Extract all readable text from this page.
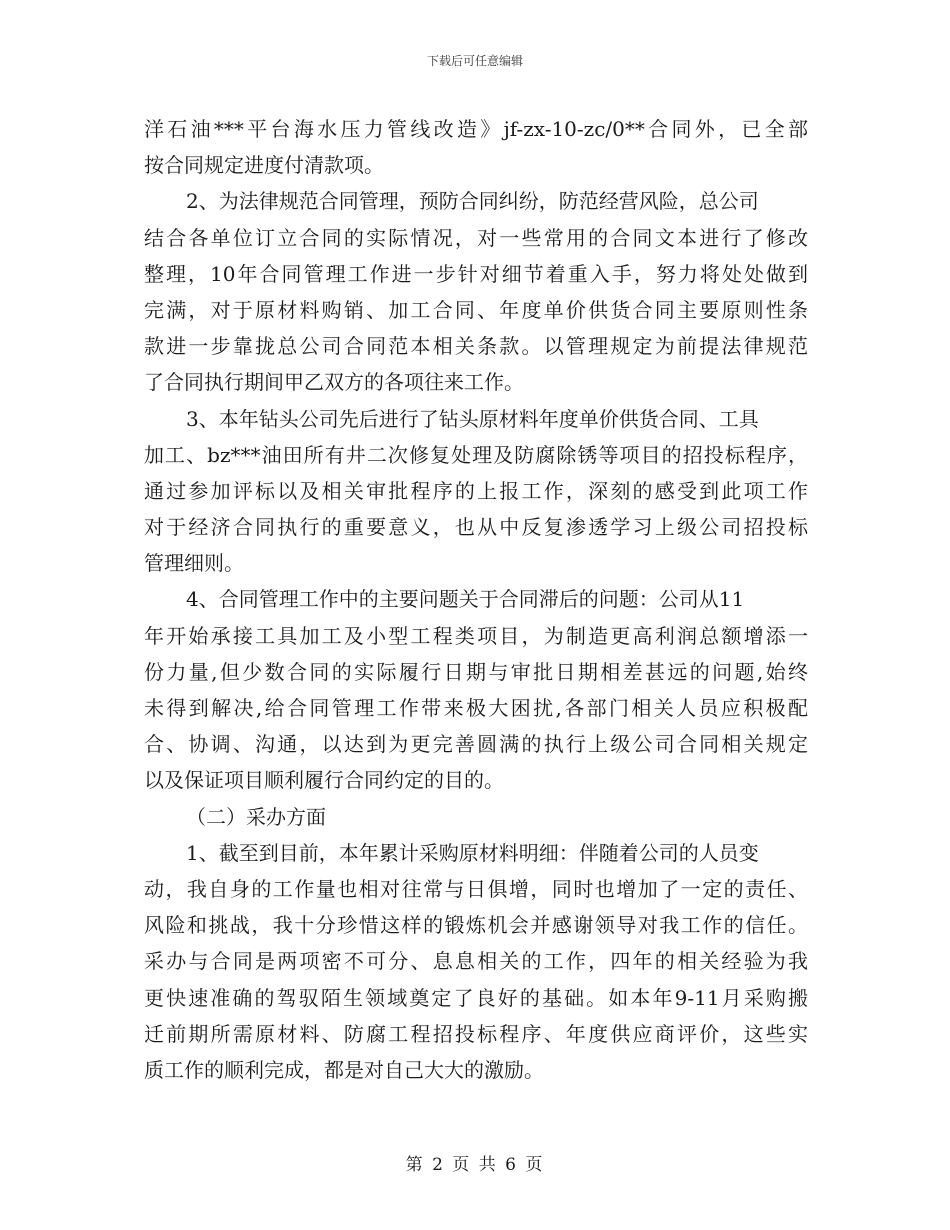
下载后可任意编辑
洋石油***平台海水压力管线改造》jf-zx-10-zc/0**合同外，已全部
按合同规定进度付清款项。
2、为法律规范合同管理，预防合同纠纷，防范经营风险，总公司
结合各单位订立合同的实际情况，对一些常用的合同文本进行了修改
整理，10年合同管理工作进一步针对细节着重入手，努力将处处做到
完满，对于原材料购销、加工合同、年度单价供货合同主要原则性条
款进一步靠拢总公司合同范本相关条款。以管理规定为前提法律规范
了合同执行期间甲乙双方的各项往来工作。
3、本年钻头公司先后进行了钻头原材料年度单价供货合同、工具
加工、bz***油田所有井二次修复处理及防腐除锈等项目的招投标程序，
通过参加评标以及相关审批程序的上报工作，深刻的感受到此项工作
对于经济合同执行的重要意义，也从中反复渗透学习上级公司招投标
管理细则。
4、合同管理工作中的主要问题关于合同滞后的问题：公司从11
年开始承接工具加工及小型工程类项目，为制造更高利润总额增添一
份力量,但少数合同的实际履行日期与审批日期相差甚远的问题,始终
未得到解决,给合同管理工作带来极大困扰,各部门相关人员应积极配
合、协调、沟通，以达到为更完善圆满的执行上级公司合同相关规定
以及保证项目顺利履行合同约定的目的。
（二）采办方面
1、截至到目前，本年累计采购原材料明细：伴随着公司的人员变
动，我自身的工作量也相对往常与日俱增，同时也增加了一定的责任、
风险和挑战，我十分珍惜这样的锻炼机会并感谢领导对我工作的信任。
采办与合同是两项密不可分、息息相关的工作，四年的相关经验为我
更快速准确的驾驭陌生领域奠定了良好的基础。如本年9-11月采购搬
迁前期所需原材料、防腐工程招投标程序、年度供应商评价，这些实
质工作的顺利完成，都是对自己大大的激励。
第 2 页 共 6 页
